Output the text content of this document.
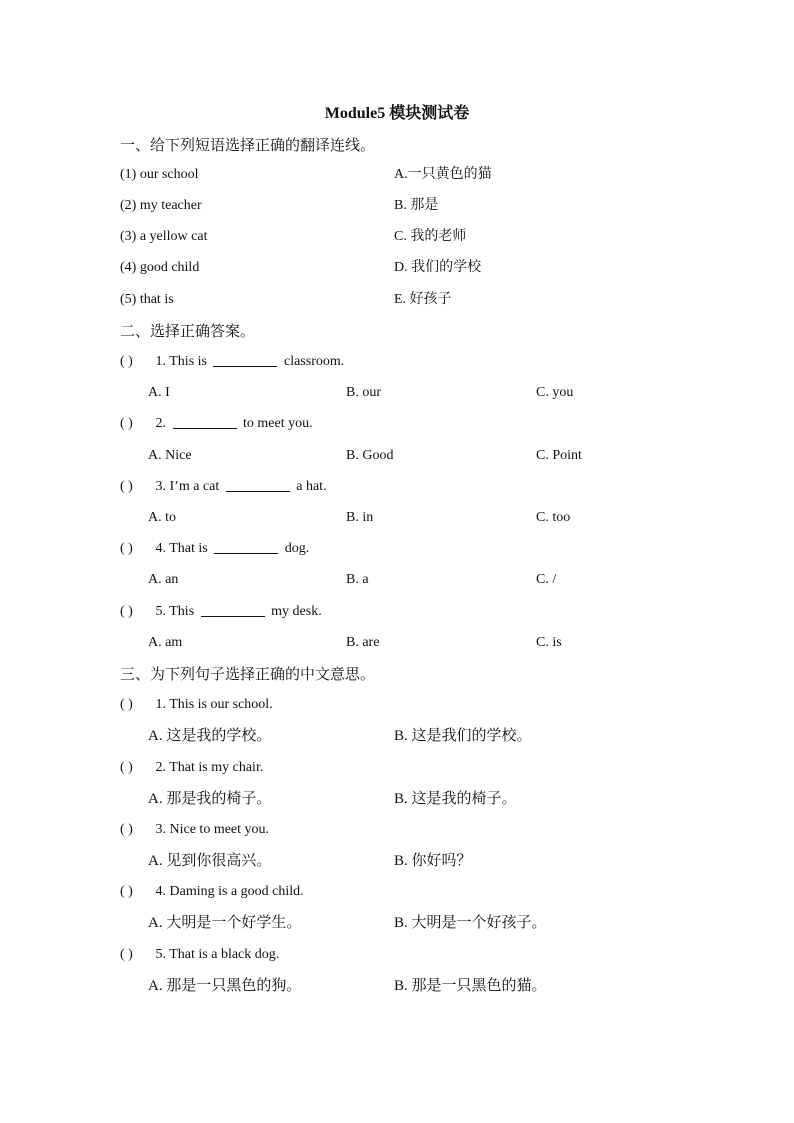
Module5 模块测试卷
一、给下列短语选择正确的翻译连线。
(1) our school	A.一只黄色的猫
(2) my teacher	B. 那是
(3) a yellow cat	C. 我的老师
(4) good child	D. 我们的学校
(5) that is	E. 好孩子
二、选择正确答案。
( ) 1. This is	classroom.
A. I	B. our	C. you
( ) 2.	to meet you.
A. Nice	B. Good	C. Point
( ) 3. I’m a cat	a hat.
A. to	B. in	C. too
( ) 4. That is	dog.
A. an	B. a	C. /
( ) 5. This	my desk.
A. am	B. are	C. is
三、为下列句子选择正确的中文意思。
( ) 1. This is our school.
A. 这是我的学校。	B. 这是我们的学校。
( ) 2. That is my chair.
A. 那是我的椅子。	B. 这是我的椅子。
( ) 3. Nice to meet you.
A. 见到你很高兴。	B. 你好吗？
( ) 4. Daming is a good child.
A. 大明是一个好学生。	B. 大明是一个好孩子。
( ) 5. That is a black dog.
A. 那是一只黑色的狗。	B. 那是一只黑色的猫。
